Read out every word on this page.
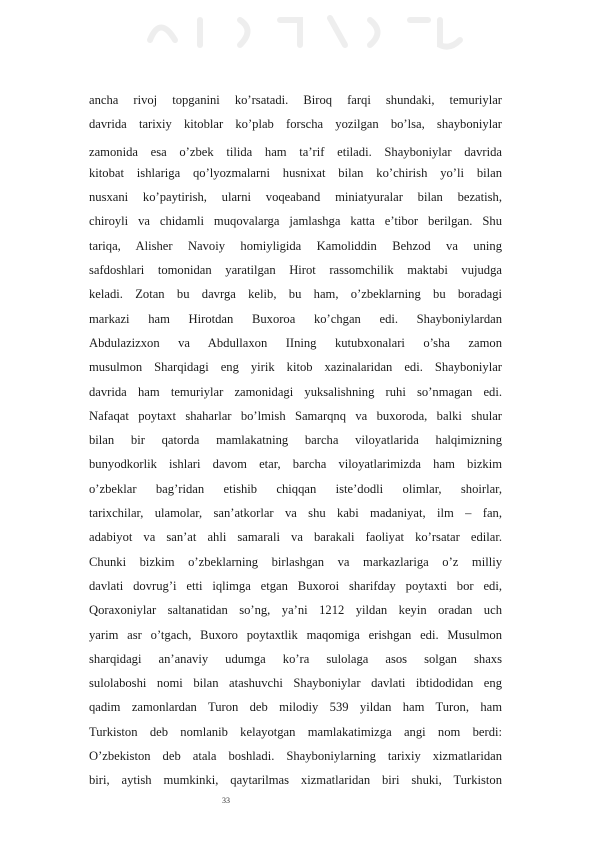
ancha rivoj topganini ko’rsatadi. Biroq farqi shundaki, temuriylar
davrida tarixiy kitoblar ko’plab forscha yozilgan bo’lsa, shayboniylar
zamonida esa o’zbek tilida ham ta’rif etiladi. Shayboniylar davrida
kitobat ishlariga qo’lyozmalarni husnixat bilan ko’chirish yo’li bilan
nusxani ko’paytirish, ularni voqeaband miniatyuralar bilan bezatish,
chiroyli va chidamli muqovalarga jamlashga katta e’tibor berilgan. Shu
tariqa, Alisher Navoiy homiyligida Kamoliddin Behzod va uning
safdoshlari tomonidan yaratilgan Hirot rassomchilik maktabi vujudga
keladi. Zotan bu davrga kelib, bu ham, o’zbeklarning bu boradagi
markazi ham Hirotdan Buxoroa ko’chgan edi. Shayboniylardan
Abdulazizxon va Abdullaxon IIning kutubxonalari o’sha zamon
musulmon Sharqidagi eng yirik kitob xazinalaridan edi. Shayboniylar
davrida ham temuriylar zamonidagi yuksalishning ruhi so’nmagan edi.
Nafaqat poytaxt shaharlar bo’lmish Samarqnq va buxoroda, balki shular
bilan bir qatorda mamlakatning barcha viloyatlarida halqimizning
bunyodkorlik ishlari davom etar, barcha viloyatlarimizda ham bizkim
o’zbeklar bag’ridan etishib chiqqan iste’dodli olimlar, shoirlar,
tarixchilar, ulamolar, san’atkorlar va shu kabi madaniyat, ilm – fan,
adabiyot va san’at ahli samarali va barakali faoliyat ko’rsatar edilar.
Chunki bizkim o’zbeklarning birlashgan va markazlariga o’z milliy
davlati dovrug’i etti iqlimga etgan Buxoroi sharifday poytaxti bor edi,
Qoraxoniylar saltanatidan so’ng, ya’ni 1212 yildan keyin oradan uch
yarim asr o’tgach, Buxoro poytaxtlik maqomiga erishgan edi. Musulmon
sharqidagi an’anaviy udumga ko’ra sulolaga asos solgan shaxs
sulolaboshi nomi bilan atashuvchi Shayboniylar davlati ibtidodidan eng
qadim zamonlardan Turon deb milodiy 539 yildan ham Turon, ham
Turkiston deb nomlanib kelayotgan mamlakatimizga angi nom berdi:
O’zbekiston deb atala boshladi. Shayboniylarning tarixiy xizmatlaridan
biri, aytish mumkinki, qaytarilmas xizmatlaridan biri shuki, Turkiston
33
